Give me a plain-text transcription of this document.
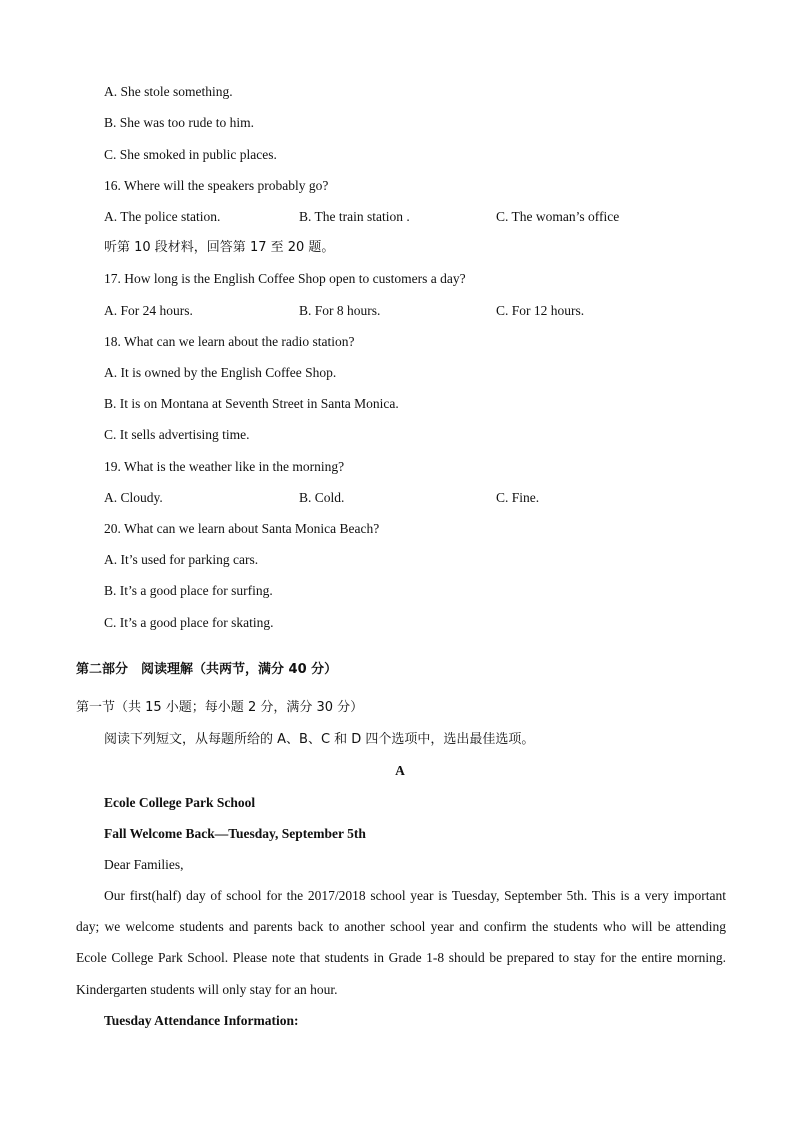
A. She stole something.
B. She was too rude to him.
C. She smoked in public places.
16. Where will the speakers probably go?
A. The police station.	B. The train station .	C. The woman’s office
听第 10 段材料，回答第 17 至 20 题。
17. How long is the English Coffee Shop open to customers a day?
A. For 24 hours.	B. For 8 hours.	C. For 12 hours.
18. What can we learn about the radio station?
A. It is owned by the English Coffee Shop.
B. It is on Montana at Seventh Street in Santa Monica.
C. It sells advertising time.
19. What is the weather like in the morning?
A. Cloudy.	B. Cold.	C. Fine.
20. What can we learn about Santa Monica Beach?
A. It’s used for parking cars.
B. It’s a good place for surfing.
C. It’s a good place for skating.
第二部分　阅读理解（共两节，满分 40 分）
第一节（共 15 小题；每小题 2 分，满分 30 分）
阅读下列短文，从每题所给的 A、B、C 和 D 四个选项中，选出最佳选项。
A
Ecole College Park School
Fall Welcome Back—Tuesday, September 5th
Dear Families,
Our first(half) day of school for the 2017/2018 school year is Tuesday, September 5th. This is a very important day; we welcome students and parents back to another school year and confirm the students who will be attending Ecole College Park School. Please note that students in Grade 1-8 should be prepared to stay for the entire morning. Kindergarten students will only stay for an hour.
Tuesday Attendance Information:
